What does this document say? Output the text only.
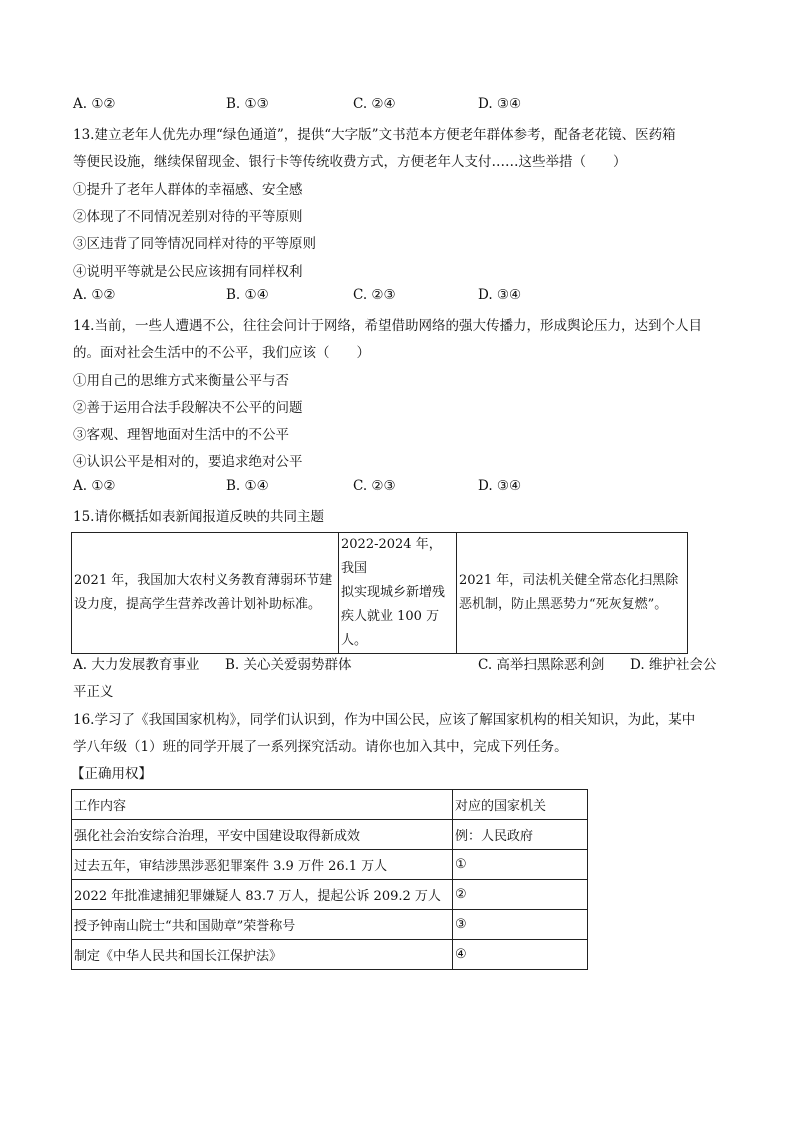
A. ①②	B. ①③	C. ②④	D. ③④
13.建立老年人优先办理“绿色通道”，提供“大字版”文书范本方便老年群体参考，配备老花镜、医药箱
等便民设施，继续保留现金、银行卡等传统收费方式，方便老年人支付……这些举措（　　）
①提升了老年人群体的幸福感、安全感
②体现了不同情况差别对待的平等原则
③区违背了同等情况同样对待的平等原则
④说明平等就是公民应该拥有同样权利
A. ①②	B. ①④	C. ②③	D. ③④
14.当前，一些人遭遇不公，往往会问计于网络，希望借助网络的强大传播力，形成舆论压力，达到个人目
的。面对社会生活中的不公平，我们应该（　　）
①用自己的思维方式来衡量公平与否
②善于运用合法手段解决不公平的问题
③客观、理智地面对生活中的不公平
④认识公平是相对的，要追求绝对公平
A. ①②	B. ①④	C. ②③	D. ③④
15.请你概括如表新闻报道反映的共同主题
2021 年，我国加大农村义务教育薄弱环节建
设力度，提高学生营养改善计划补助标准。

2022-2024 年，我国
拟实现城乡新增残
疾人就业 100 万人。

2021 年，司法机关健全常态化扫黑除
恶机制，防止黑恶势力“死灰复燃”。
A. 大力发展教育事业 B. 关心关爱弱势群体	C. 高举扫黑除恶利剑 D. 维护社会公
平正义
16.学习了《我国国家机构》，同学们认识到，作为中国公民，应该了解国家机构的相关知识，为此，某中
学八年级（1）班的同学开展了一系列探究活动。请你也加入其中，完成下列任务。
【正确用权】
工作内容	对应的国家机关
强化社会治安综合治理，平安中国建设取得新成效	例：人民政府
过去五年，审结涉黑涉恶犯罪案件 3.9 万件 26.1 万人	①
2022 年批准逮捕犯罪嫌疑人 83.7 万人，提起公诉 209.2 万人	②
授予钟南山院士“共和国勋章”荣誉称号	③
制定《中华人民共和国长江保护法》	④
